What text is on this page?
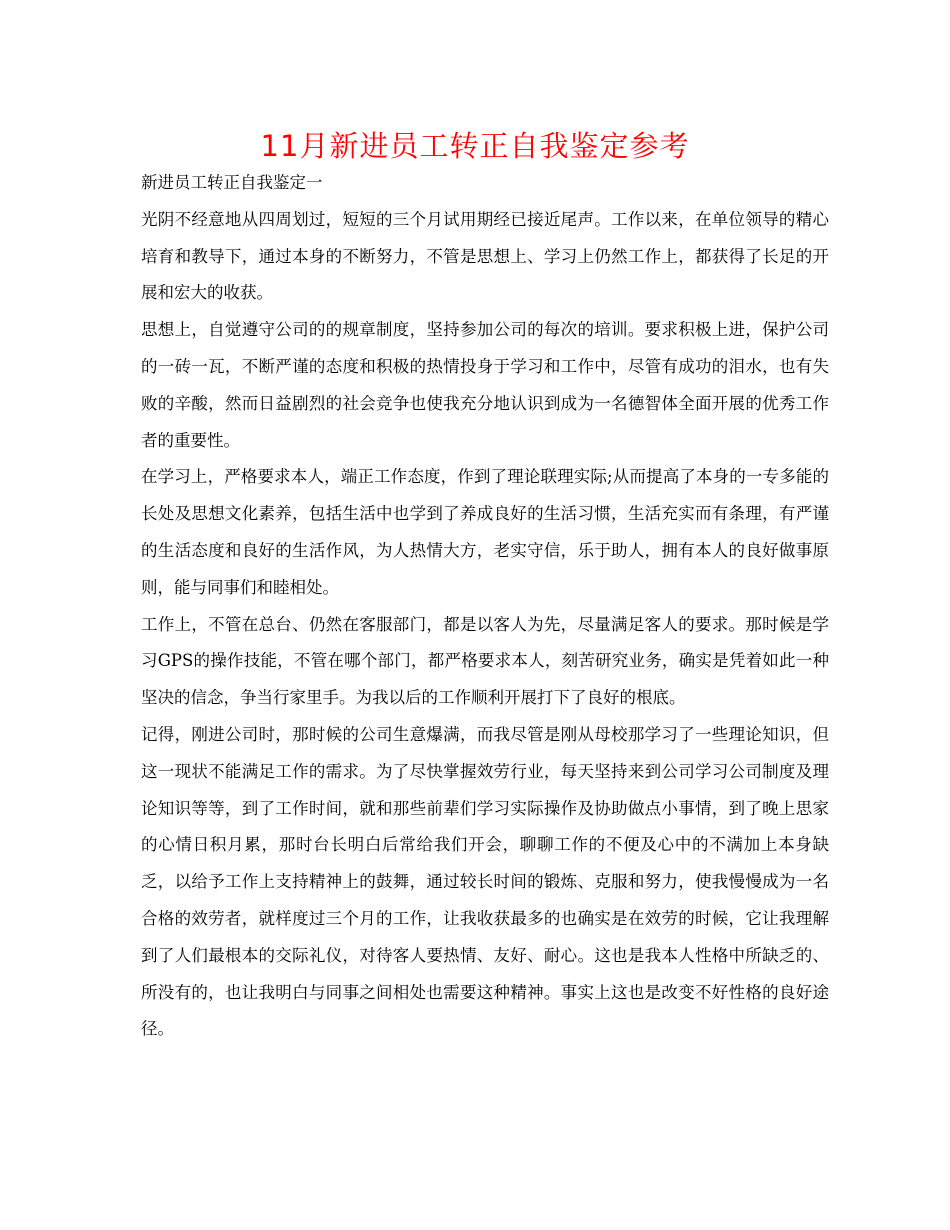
11月新进员工转正自我鉴定参考

新进员工转正自我鉴定一

光阴不经意地从四周划过，短短的三个月试用期经已接近尾声。工作以来，在单位领导的精心培育和教导下，通过本身的不断努力，不管是思想上、学习上仍然工作上，都获得了长足的开展和宏大的收获。

思想上，自觉遵守公司的的规章制度，坚持参加公司的每次的培训。要求积极上进，保护公司的一砖一瓦，不断严谨的态度和积极的热情投身于学习和工作中，尽管有成功的泪水，也有失败的辛酸，然而日益剧烈的社会竞争也使我充分地认识到成为一名德智体全面开展的优秀工作者的重要性。

在学习上，严格要求本人，端正工作态度，作到了理论联理实际;从而提高了本身的一专多能的长处及思想文化素养，包括生活中也学到了养成良好的生活习惯，生活充实而有条理，有严谨的生活态度和良好的生活作风，为人热情大方，老实守信，乐于助人，拥有本人的良好做事原则，能与同事们和睦相处。

工作上，不管在总台、仍然在客服部门，都是以客人为先，尽量满足客人的要求。那时候是学习GPS的操作技能，不管在哪个部门，都严格要求本人，刻苦研究业务，确实是凭着如此一种坚决的信念，争当行家里手。为我以后的工作顺利开展打下了良好的根底。

记得，刚进公司时，那时候的公司生意爆满，而我尽管是刚从母校那学习了一些理论知识，但这一现状不能满足工作的需求。为了尽快掌握效劳行业，每天坚持来到公司学习公司制度及理论知识等等，到了工作时间，就和那些前辈们学习实际操作及协助做点小事情，到了晚上思家的心情日积月累，那时台长明白后常给我们开会，聊聊工作的不便及心中的不满加上本身缺乏，以给予工作上支持精神上的鼓舞，通过较长时间的锻炼、克服和努力，使我慢慢成为一名合格的效劳者，就样度过三个月的工作，让我收获最多的也确实是在效劳的时候，它让我理解到了人们最根本的交际礼仪，对待客人要热情、友好、耐心。这也是我本人性格中所缺乏的、所没有的，也让我明白与同事之间相处也需要这种精神。事实上这也是改变不好性格的良好途径。
